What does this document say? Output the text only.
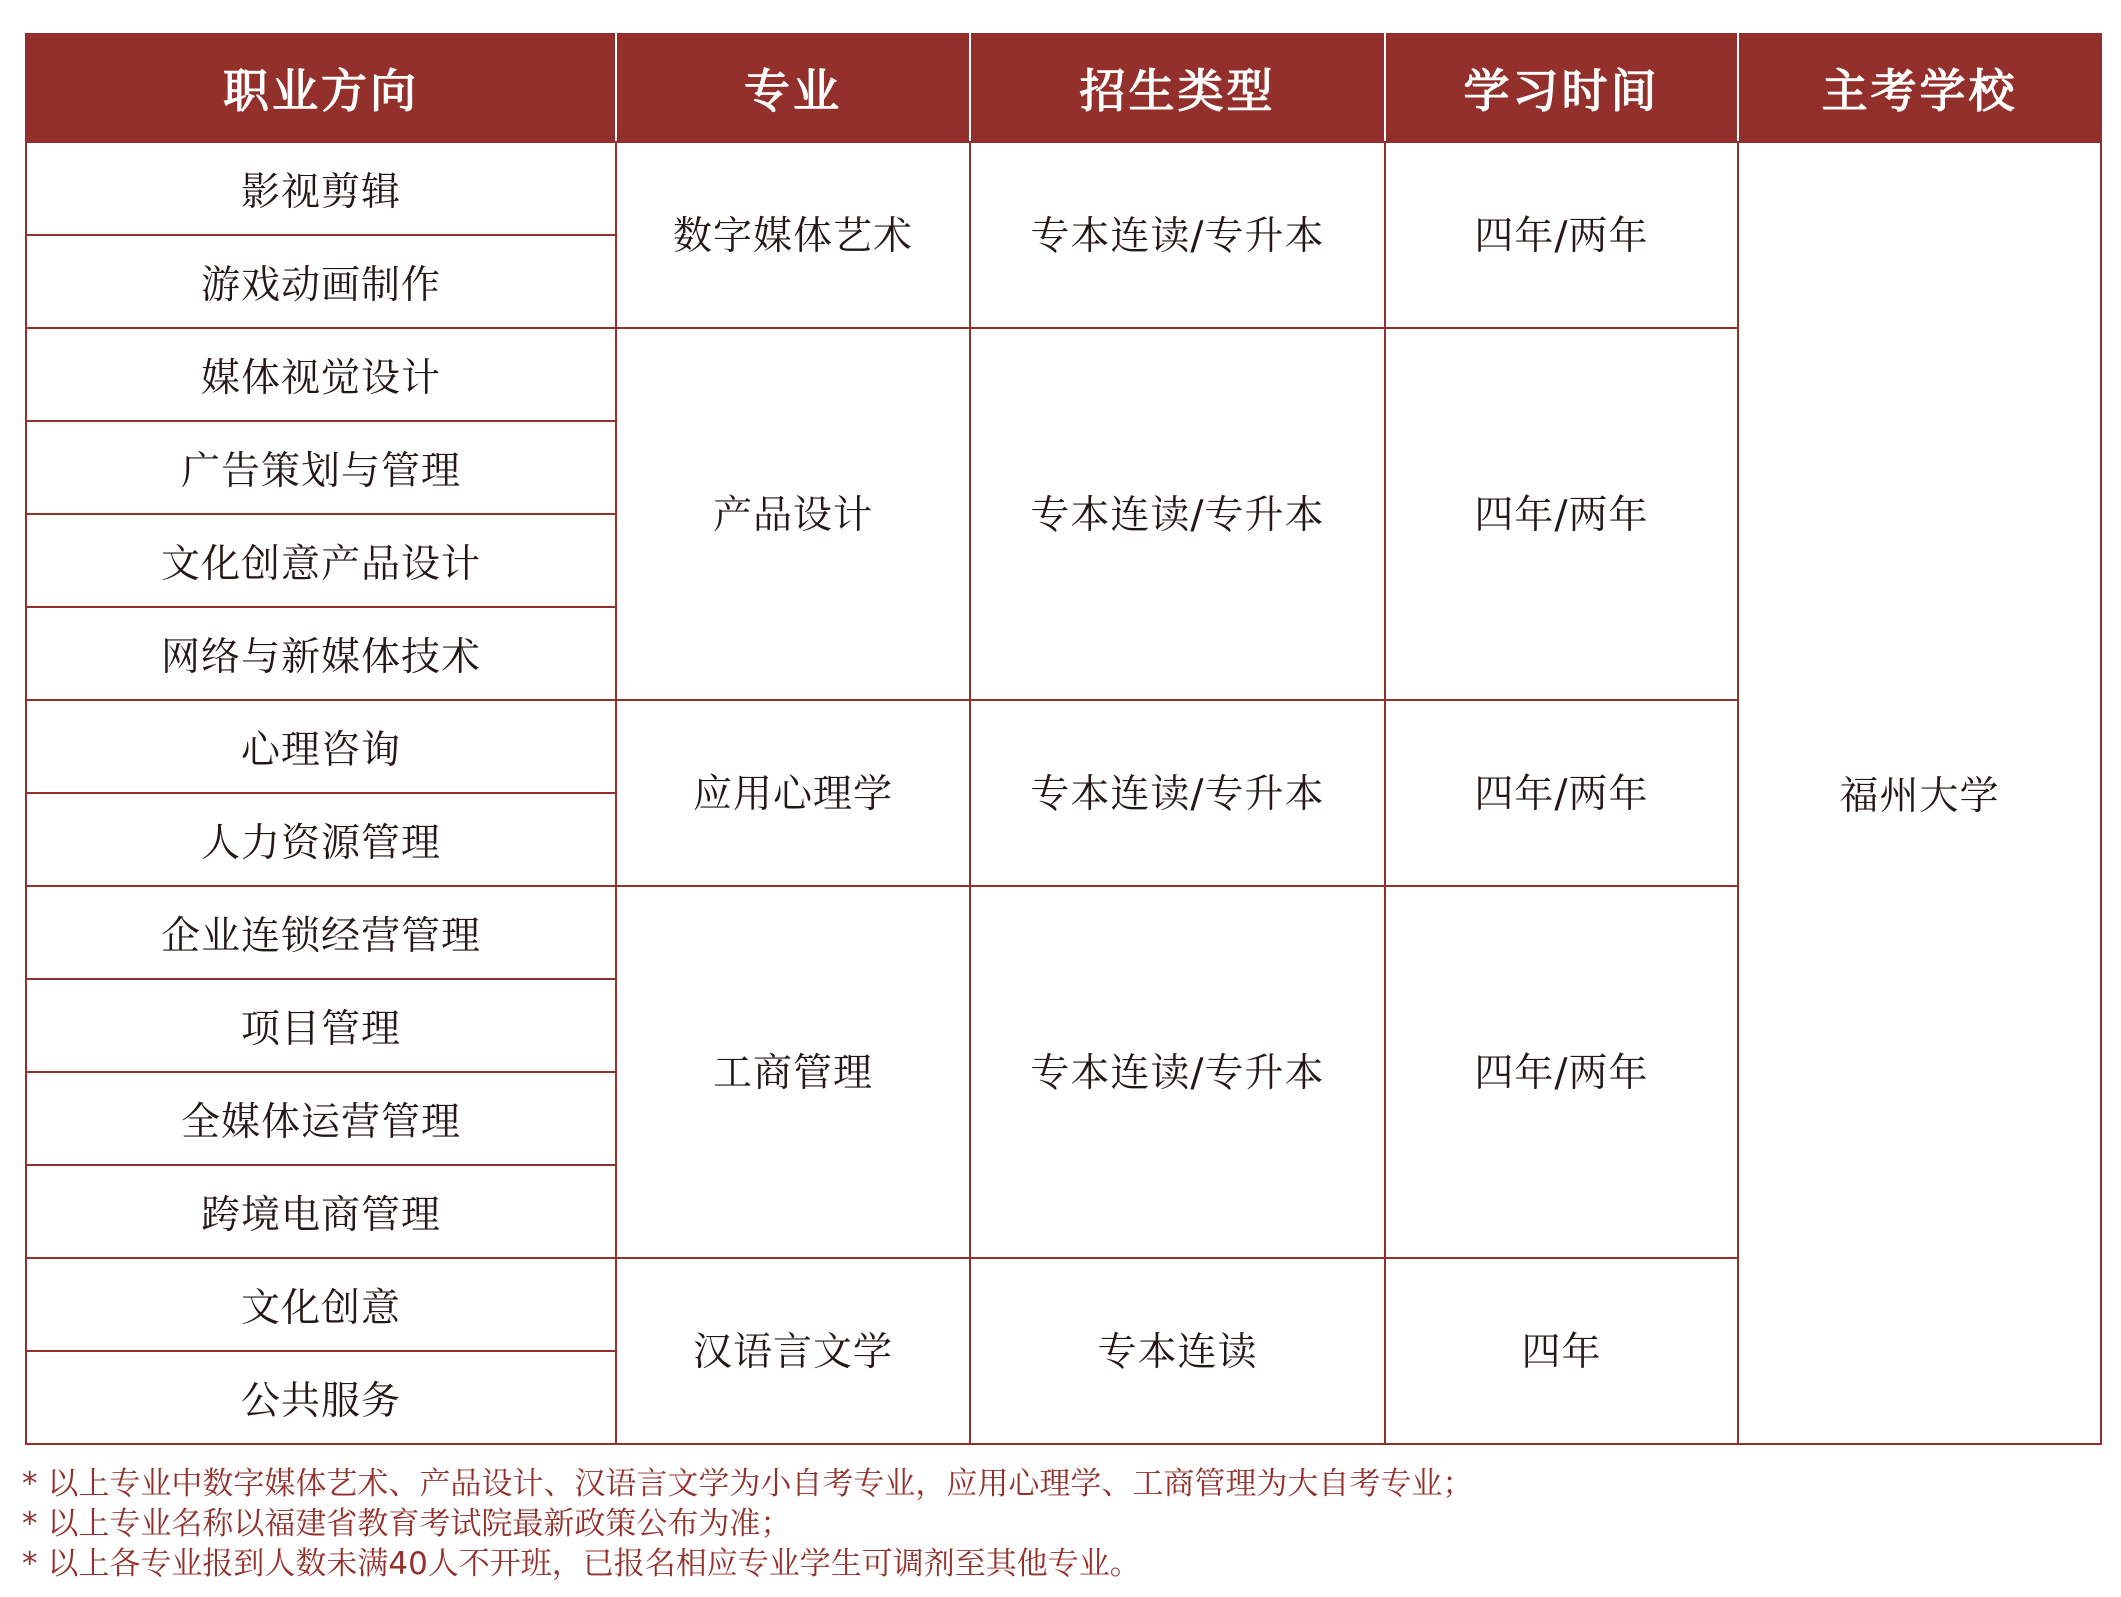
职业方向	专业	招生类型	学习时间	主考学校
影视剪辑	数字媒体艺术	专本连读/专升本	四年/两年	福州大学
游戏动画制作				
媒体视觉设计	产品设计	专本连读/专升本	四年/两年	
广告策划与管理				
文化创意产品设计				
网络与新媒体技术				
心理咨询	应用心理学	专本连读/专升本	四年/两年	
人力资源管理				
企业连锁经营管理	工商管理	专本连读/专升本	四年/两年	
项目管理				
全媒体运营管理				
跨境电商管理				
文化创意	汉语言文学	专本连读	四年	
公共服务				
* 以上专业中数字媒体艺术、产品设计、汉语言文学为小自考专业，应用心理学、工商管理为大自考专业；
* 以上专业名称以福建省教育考试院最新政策公布为准；
* 以上各专业报到人数未满40人不开班，已报名相应专业学生可调剂至其他专业。
